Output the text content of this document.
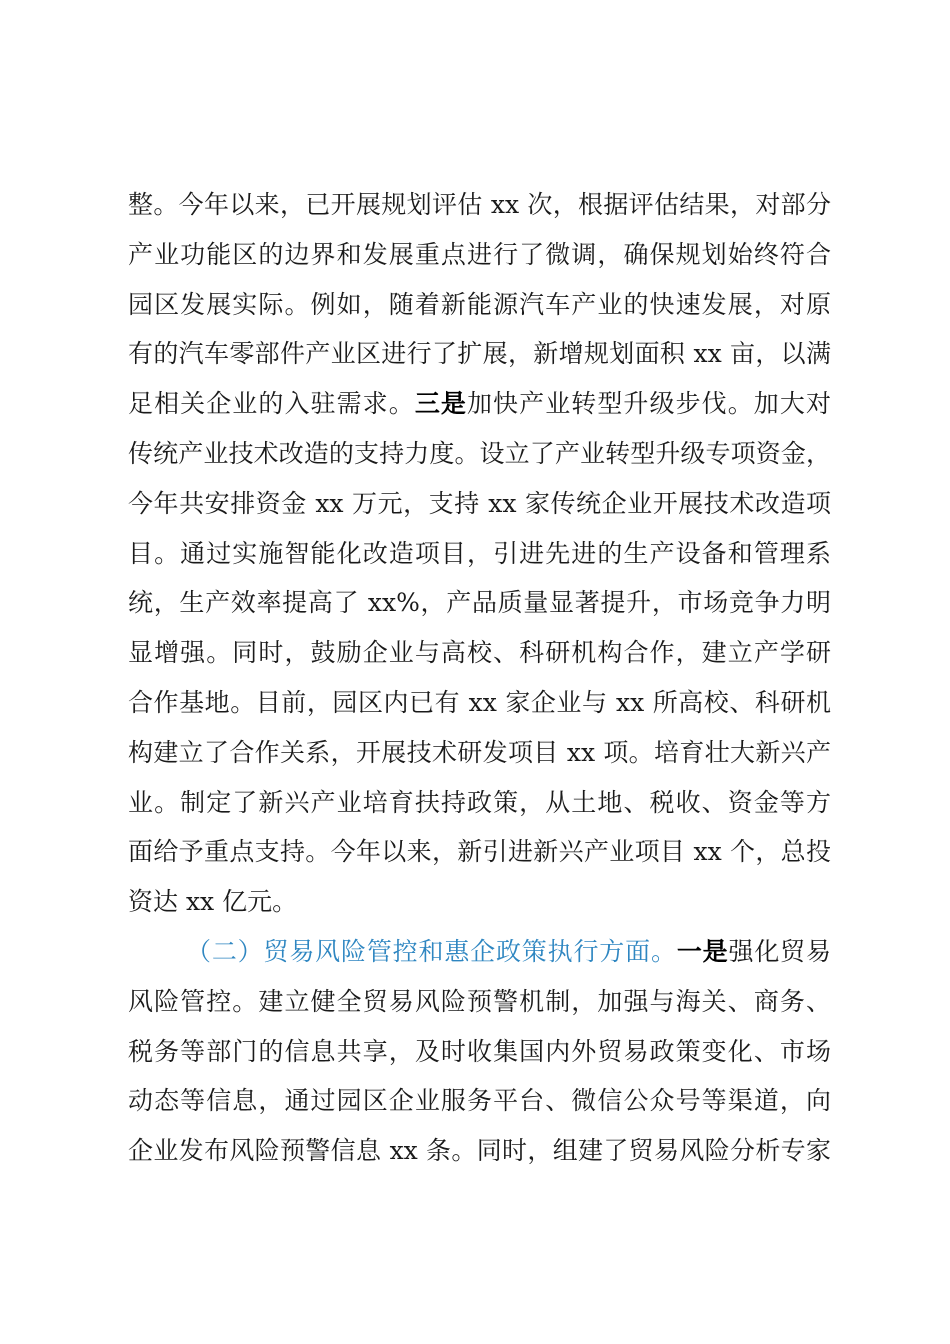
整。今年以来，已开展规划评估 xx 次，根据评估结果，对部分
产业功能区的边界和发展重点进行了微调，确保规划始终符合
园区发展实际。例如，随着新能源汽车产业的快速发展，对原
有的汽车零部件产业区进行了扩展，新增规划面积 xx 亩，以满
足相关企业的入驻需求。三是加快产业转型升级步伐。加大对
传统产业技术改造的支持力度。设立了产业转型升级专项资金，
今年共安排资金 xx 万元，支持 xx 家传统企业开展技术改造项
目。通过实施智能化改造项目，引进先进的生产设备和管理系
统，生产效率提高了 xx%，产品质量显著提升，市场竞争力明
显增强。同时，鼓励企业与高校、科研机构合作，建立产学研
合作基地。目前，园区内已有 xx 家企业与 xx 所高校、科研机
构建立了合作关系，开展技术研发项目 xx 项。培育壮大新兴产
业。制定了新兴产业培育扶持政策，从土地、税收、资金等方
面给予重点支持。今年以来，新引进新兴产业项目 xx 个，总投
资达 xx 亿元。
（二）贸易风险管控和惠企政策执行方面。一是强化贸易
风险管控。建立健全贸易风险预警机制，加强与海关、商务、
税务等部门的信息共享，及时收集国内外贸易政策变化、市场
动态等信息，通过园区企业服务平台、微信公众号等渠道，向
企业发布风险预警信息 xx 条。同时，组建了贸易风险分析专家
